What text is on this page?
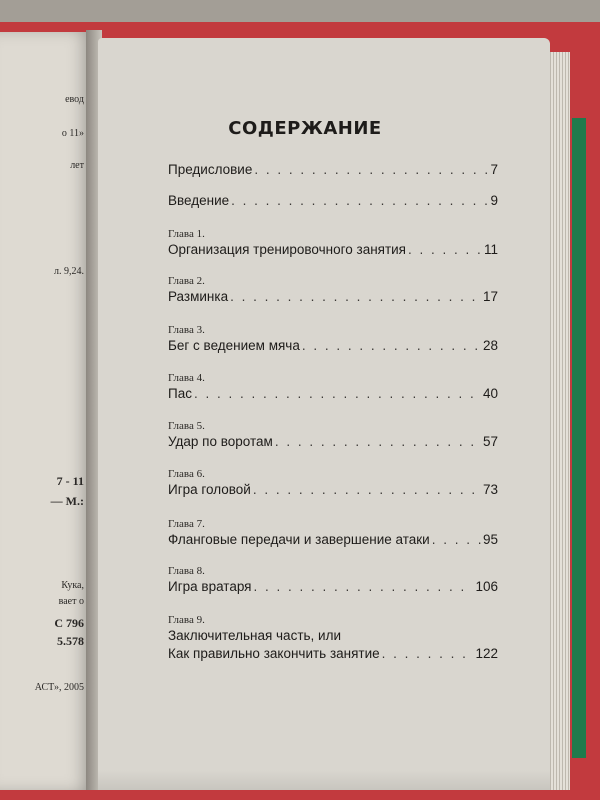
евод
о 11»
лет
л. 9,24.
7 - 11
— М.:
Кука,
вает о
С 796
5.578
АСТ», 2005
СОДЕРЖАНИЕ
Предисловие . . .	7
Введение . . .	9
Глава 1.
Организация тренировочного занятия . . .	11
Глава 2.
Разминка . . .	17
Глава 3.
Бег с ведением мяча . . .	28
Глава 4.
Пас . . .	40
Глава 5.
Удар по воротам . . .	57
Глава 6.
Игра головой . . .	73
Глава 7.
Фланговые передачи и завершение атаки . . .	95
Глава 8.
Игра вратаря . . .	106
Глава 9.
Заключительная часть, или
Как правильно закончить занятие . . .	122
